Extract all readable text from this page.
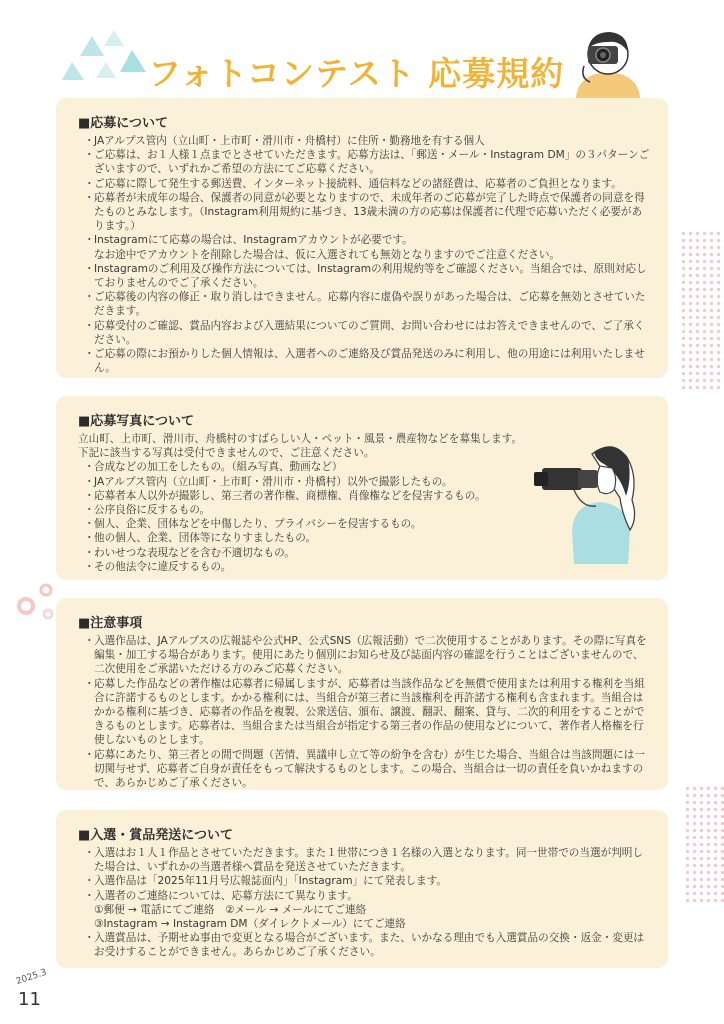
フォトコンテスト 応募規約
■応募について

・ JAアルプス管内（立山町・上市町・滑川市・舟橋村）に住所・勤務地を有する個人

・ ご応募は、お１人様１点までとさせていただきます。応募方法は、「郵送・メール・Instagram DM」の３パターンございますので、いずれかご希望の方法にてご応募ください。

・ ご応募に際して発生する郵送費、インターネット接続料、通信料などの諸経費は、応募者のご負担となります。

・ 応募者が未成年の場合、保護者の同意が必要となりますので、未成年者のご応募が完了した時点で保護者の同意を得たものとみなします。（Instagram利用規約に基づき、13歳未満の方の応募は保護者に代理で応募いただく必要があります。）

・ Instagramにて応募の場合は、Instagramアカウントが必要です。

なお途中でアカウントを削除した場合は、仮に入選されても無効となりますのでご注意ください。

・ Instagramのご利用及び操作方法については、Instagramの利用規約等をご確認ください。当組合では、原則対応しておりませんのでご了承ください。

・ ご応募後の内容の修正・取り消しはできません。応募内容に虚偽や誤りがあった場合は、ご応募を無効とさせていただきます。

・ 応募受付のご確認、賞品内容および入選結果についてのご質問、お問い合わせにはお答えできませんので、ご了承ください。

・ ご応募の際にお預かりした個人情報は、入選者へのご連絡及び賞品発送のみに利用し、他の用途には利用いたしません。

■応募写真について

立山町、上市町、滑川市、舟橋村のすばらしい人・ペット・風景・農産物などを募集します。

下記に該当する写真は受付できませんので、ご注意ください。

・ 合成などの加工をしたもの。（組み写真、動画など）

・ JAアルプス管内（立山町・上市町・滑川市・舟橋村）以外で撮影したもの。

・ 応募者本人以外が撮影し、第三者の著作権、商標権、肖像権などを侵害するもの。

・ 公序良俗に反するもの。

・ 個人、企業、団体などを中傷したり、プライバシーを侵害するもの。

・ 他の個人、企業、団体等になりすましたもの。

・ わいせつな表現などを含む不適切なもの。

・ その他法令に違反するもの。

■注意事項

・ 入選作品は、JAアルプスの広報誌や公式HP、公式SNS（広報活動）で二次使用することがあります。その際に写真を編集・加工する場合があります。使用にあたり個別にお知らせ及び誌面内容の確認を行うことはございませんので、二次使用をご承諾いただける方のみご応募ください。

・ 応募した作品などの著作権は応募者に帰属しますが、応募者は当該作品などを無償で使用または利用する権利を当組合に許諾するものとします。かかる権利には、当組合が第三者に当該権利を再許諾する権利も含まれます。当組合はかかる権利に基づき、応募者の作品を複製、公衆送信、頒布、譲渡、翻訳、翻案、貸与、二次的利用をすることができるものとします。応募者は、当組合または当組合が指定する第三者の作品の使用などについて、著作者人格権を行使しないものとします。

・ 応募にあたり、第三者との間で問題（苦情、異議申し立て等の紛争を含む）が生じた場合、当組合は当該問題には一切関与せず、応募者ご自身が責任をもって解決するものとします。この場合、当組合は一切の責任を負いかねますので、あらかじめご了承ください。

■入選・賞品発送について

・ 入選はお１人１作品とさせていただきます。また１世帯につき１名様の入選となります。同一世帯での当選が判明した場合は、いずれかの当選者様へ賞品を発送させていただきます。

・ 入選作品は「2025年11月号広報誌面内」「Instagram」にて発表します。

・ 入選者のご連絡については、応募方法にて異なります。

①郵便 → 電話にてご連絡　②メール → メールにてご連絡

③Instagram → Instagram DM（ダイレクトメール）にてご連絡

・ 入選賞品は、予期せぬ事由で変更となる場合がございます。また、いかなる理由でも入選賞品の交換・返金・変更はお受けすることができません。あらかじめご了承ください。

2025.3
11
